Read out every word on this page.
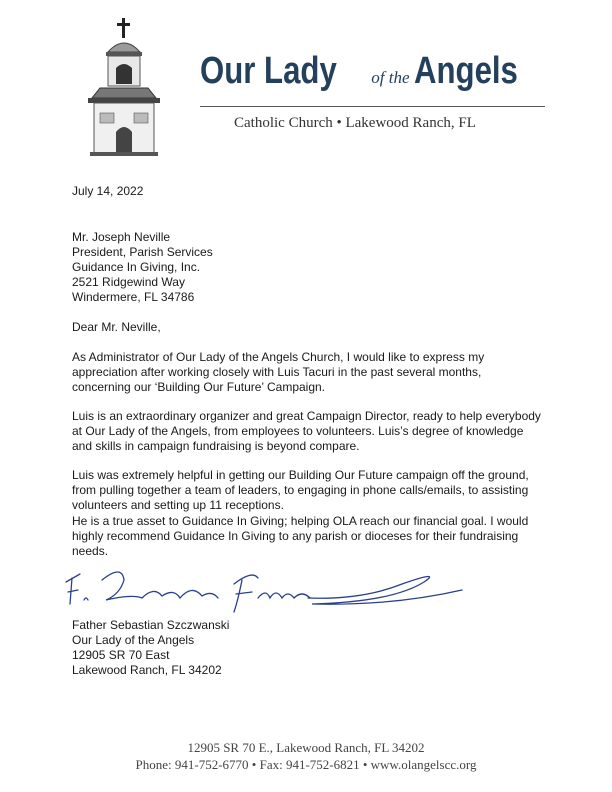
Our Lady of the Angels
Catholic Church • Lakewood Ranch, FL
July 14, 2022
Mr. Joseph Neville
President, Parish Services
Guidance In Giving, Inc.
2521 Ridgewind Way
Windermere, FL 34786
Dear Mr. Neville,
As Administrator of Our Lady of the Angels Church, I would like to express my appreciation after working closely with Luis Tacuri in the past several months, concerning our ‘Building Our Future’ Campaign.
Luis is an extraordinary organizer and great Campaign Director, ready to help everybody at Our Lady of the Angels, from employees to volunteers. Luis’s degree of knowledge and skills in campaign fundraising is beyond compare.
Luis was extremely helpful in getting our Building Our Future campaign off the ground, from pulling together a team of leaders, to engaging in phone calls/emails, to assisting volunteers and setting up 11 receptions.
He is a true asset to Guidance In Giving; helping OLA reach our financial goal. I would highly recommend Guidance In Giving to any parish or dioceses for their fundraising needs.
Father Sebastian Szczwanski
Our Lady of the Angels
12905 SR 70 East
Lakewood Ranch, FL 34202
12905 SR 70 E., Lakewood Ranch, FL 34202
Phone: 941-752-6770 • Fax: 941-752-6821 • www.olangelscc.org
